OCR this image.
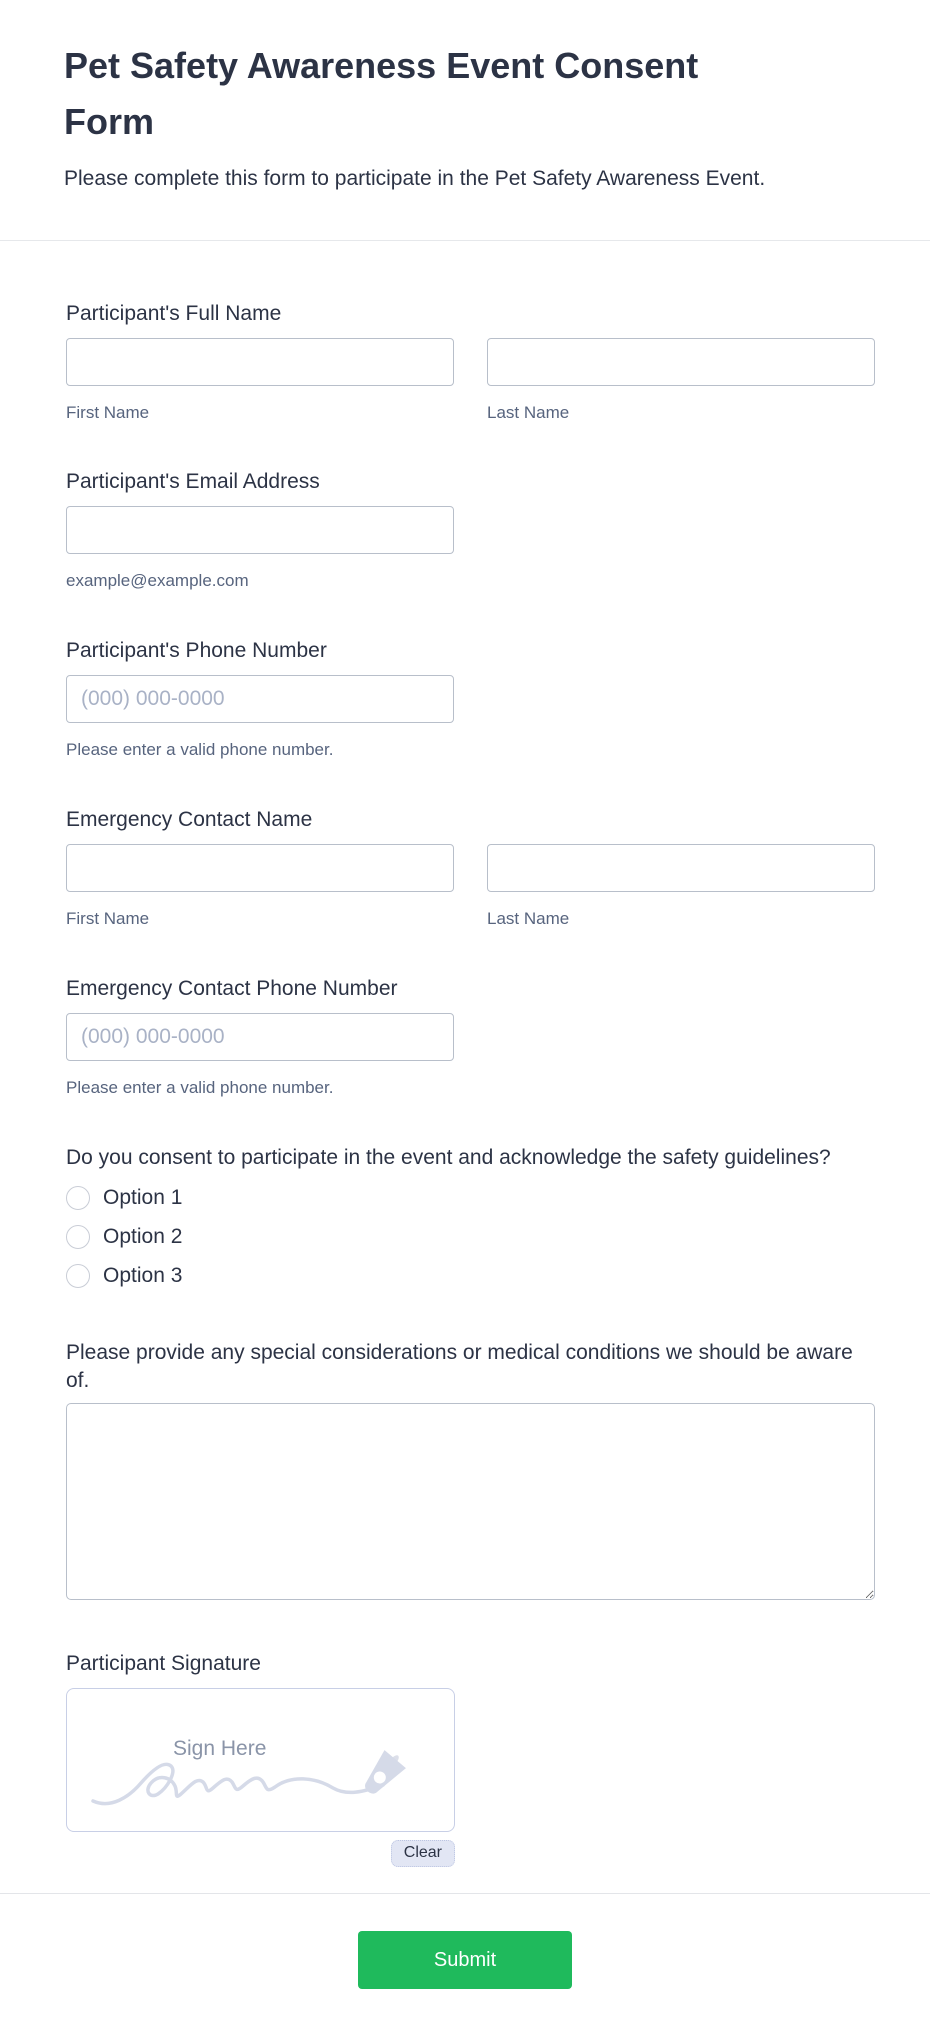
Pet Safety Awareness Event Consent Form
Please complete this form to participate in the Pet Safety Awareness Event.
Participant's Full Name
First Name	Last Name
Participant's Email Address
example@example.com
Participant's Phone Number
(000) 000-0000
Please enter a valid phone number.
Emergency Contact Name
First Name	Last Name
Emergency Contact Phone Number
(000) 000-0000
Please enter a valid phone number.
Do you consent to participate in the event and acknowledge the safety guidelines?
Option 1
Option 2
Option 3
Please provide any special considerations or medical conditions we should be aware of.
Participant Signature
Sign Here
Clear
Submit
